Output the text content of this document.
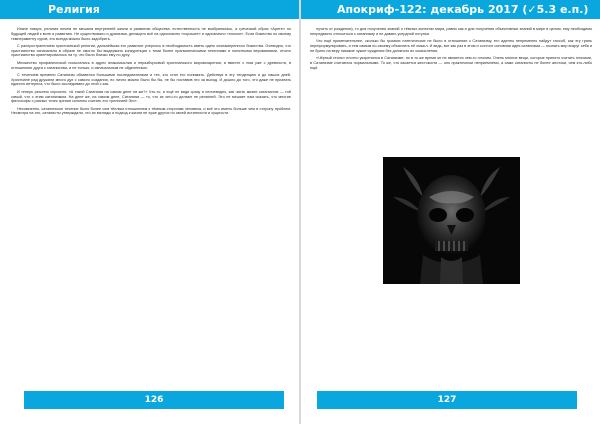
Религия

Иначе говоря, религия ничем не мешала внутренней жизни и развитию общества: естественность не возбранялась, а греческий образ «Арете» по будущей людей к воле и развитию. Не существовало и дуализма, делящего всё на однозначно «хорошее» и однозначно «плохое». Если божество по своему темпераменту суров, его всегда можно было задобрить.

С распространением христианской религии, дальнейшая его развитие уперлось в необходимость иметь идею злонамеренного божества. Очевидно, что христианство изначально в образе не смогло бы выдержать конкуренции с теми более прагматическими течениями и понятными верованиями, отчего христианство ориентировалось на ту, что было близко ему по духу.

Множество профанической посылались в адрес инакомыслия и неразборчивой христианского мировоззрения, и вместе с ним уже с древности, в отношениях друга к сатанистам, и не только, и изначальным не обделенным.

С течением времени Сатанизм обзавелся большими последователями и тех, кто стал его понимать. Действуя в эту тенденцию и до наших дней. Христиане рад дружили много дух с самого создания, но лично можно было бы бы, не бы поставив это за выход. И дошло до того, что даже не признать единого интереса, что было исследовано до этой с как.

И теперь резонно спросить: «А такой Сатанизм на самом деле ли же?» Что-то, и ещё не види сразу и неочевидно, как часть жизни сатанистов — той самой, что с этим сатанизмом. На деле же, на самом деле, Сатанизм — то, что из чего-то делают не религией. Это не мешает нам сказать, что многие философы с разных точек зрения склонны считать его «религией Эго».

Несомненно, сатанинское течение было более чем тёплым отношением к тёмным сторонам человека, и всё это имело больше чем в сторону проблем. Несмотря на это, сатанисты утверждали, что их взгляды и подход к жизни не хуже других по своей истинности и сущности.

126
Апокриф-122: декабрь 2017 (✓5.3 е.п.)

лучить от рождения), то для получения знаний о тёмных аспектах мира, равно как и для получения объективных знаний в мире в целом, ему необходимо непредвзято относиться к сатанизму и не давать усердной потупьи.

Что ещё примечательнее, сколько бы громких патетических не было в отношении к Сатанизму, его адепты непременно найдут способ, как эту грань переформулировать, и тем самым по-своему объяснить её смысл. И ведь, вот как раз в этом и состоит основная идея сатанизма — познать мир вокруг себя и не брать на веру никакие чужие суждения без должного их осмысления.

«Чёрный стиль» плотно укоренился в Сатанизме, но в то же время он не является чем-то плохим. Очень многие вещи, которые принято считать плохими, в Сатанизме считаются нормальными. То же, что касается жестокости — оно практически неприемлемо, а сами сатанисты не более жестоки, чем кто-либо ещё.

127
